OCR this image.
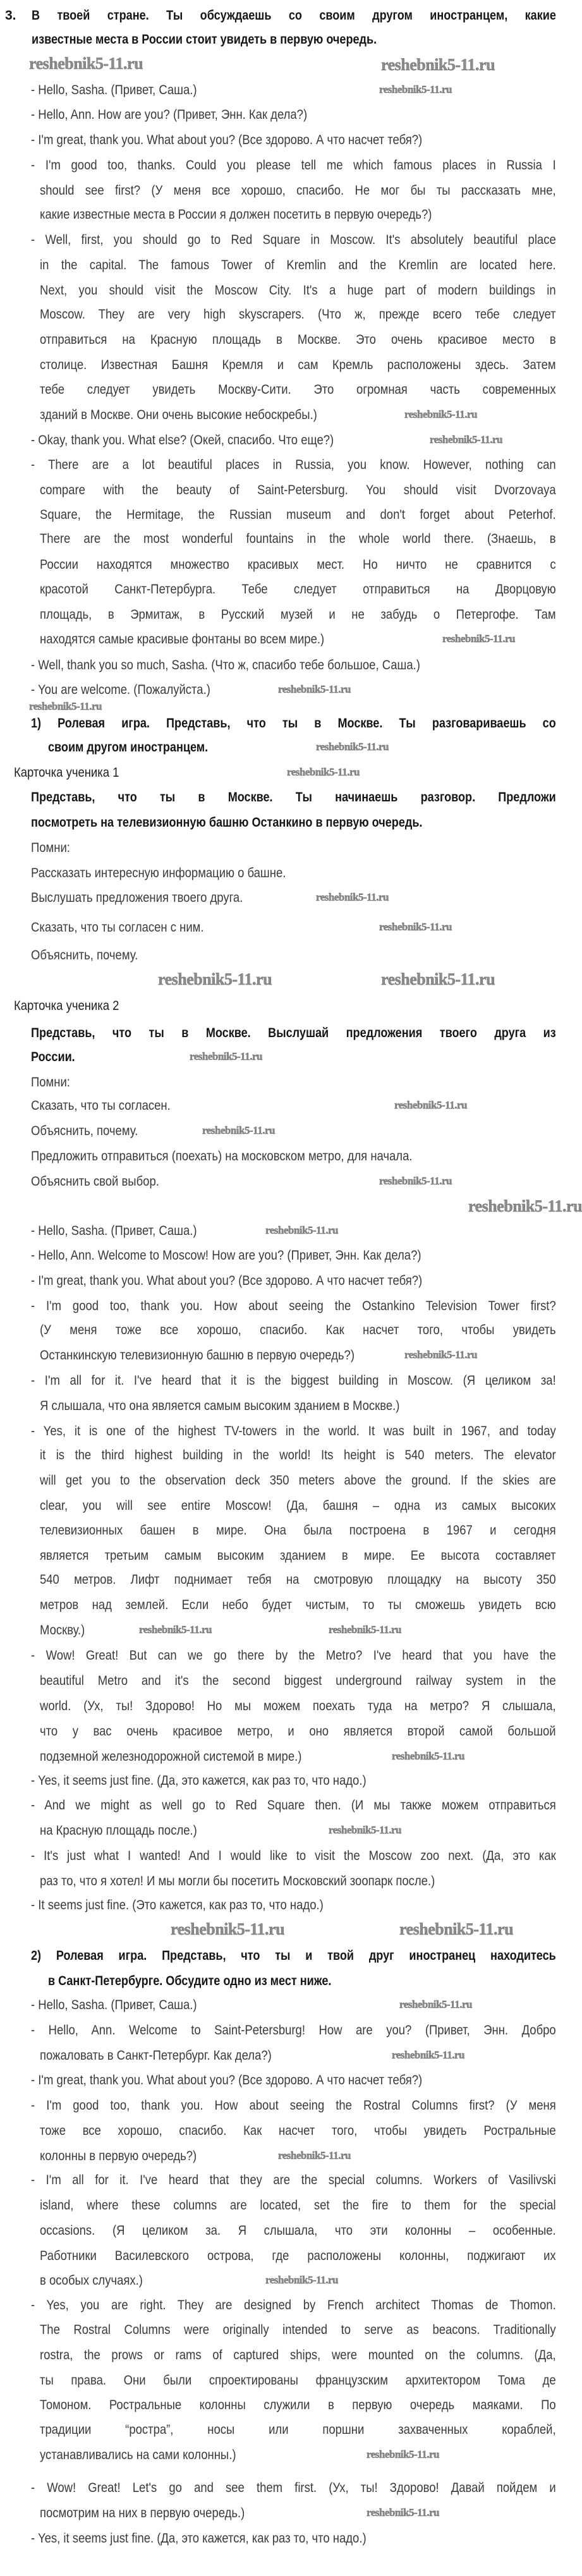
3. В твоей стране. Ты обсуждаешь со своим другом иностранцем, какие
известные места в России стоит увидеть в первую очередь.
- Hello, Sasha. (Привет, Саша.)
- Hello, Ann. How are you? (Привет, Энн. Как дела?)
- I'm great, thank you. What about you? (Все здорово. А что насчет тебя?)
- I'm good too, thanks. Could you please tell me which famous places in Russia I
should see first? (У меня все хорошо, спасибо. Не мог бы ты рассказать мне,
какие известные места в России я должен посетить в первую очередь?)
- Well, first, you should go to Red Square in Moscow. It's absolutely beautiful place
in the capital. The famous Tower of Kremlin and the Kremlin are located here.
Next, you should visit the Moscow City. It's a huge part of modern buildings in
Moscow. They are very high skyscrapers. (Что ж, прежде всего тебе следует
отправиться на Красную площадь в Москве. Это очень красивое место в
столице. Известная Башня Кремля и сам Кремль расположены здесь. Затем
тебе следует увидеть Москву-Сити. Это огромная часть современных
зданий в Москве. Они очень высокие небоскребы.)
- Okay, thank you. What else? (Окей, спасибо. Что еще?)
- There are a lot beautiful places in Russia, you know. However, nothing can
compare with the beauty of Saint-Petersburg. You should visit Dvorzovaya
Square, the Hermitage, the Russian museum and don't forget about Peterhof.
There are the most wonderful fountains in the whole world there. (Знаешь, в
России находятся множество красивых мест. Но ничто не сравнится с
красотой Санкт-Петербурга. Тебе следует отправиться на Дворцовую
площадь, в Эрмитаж, в Русский музей и не забудь о Петергофе. Там
находятся самые красивые фонтаны во всем мире.)
- Well, thank you so much, Sasha. (Что ж, спасибо тебе большое, Саша.)
- You are welcome. (Пожалуйста.)
1) Ролевая игра. Представь, что ты в Москве. Ты разговариваешь со
своим другом иностранцем.
Карточка ученика 1
Представь, что ты в Москве. Ты начинаешь разговор. Предложи
посмотреть на телевизионную башню Останкино в первую очередь.
Помни:
Рассказать интересную информацию о башне.
Выслушать предложения твоего друга.
Сказать, что ты согласен с ним.
Объяснить, почему.
Карточка ученика 2
Представь, что ты в Москве. Выслушай предложения твоего друга из
России.
Помни:
Сказать, что ты согласен.
Объяснить, почему.
Предложить отправиться (поехать) на московском метро, для начала.
Объяснить свой выбор.
- Hello, Sasha. (Привет, Саша.)
- Hello, Ann. Welcome to Moscow! How are you? (Привет, Энн. Как дела?)
- I'm great, thank you. What about you? (Все здорово. А что насчет тебя?)
- I'm good too, thank you. How about seeing the Ostankino Television Tower first?
(У меня тоже все хорошо, спасибо. Как насчет того, чтобы увидеть
Останкинскую телевизионную башню в первую очередь?)
- I'm all for it. I've heard that it is the biggest building in Moscow. (Я целиком за!
Я слышала, что она является самым высоким зданием в Москве.)
- Yes, it is one of the highest TV-towers in the world. It was built in 1967, and today
it is the third highest building in the world! Its height is 540 meters. The elevator
will get you to the observation deck 350 meters above the ground. If the skies are
clear, you will see entire Moscow! (Да, башня – одна из самых высоких
телевизионных башен в мире. Она была построена в 1967 и сегодня
является третьим самым высоким зданием в мире. Ее высота составляет
540 метров. Лифт поднимает тебя на смотровую площадку на высоту 350
метров над землей. Если небо будет чистым, то ты сможешь увидеть всю
Москву.)
- Wow! Great! But can we go there by the Metro? I've heard that you have the
beautiful Metro and it's the second biggest underground railway system in the
world. (Ух, ты! Здорово! Но мы можем поехать туда на метро? Я слышала,
что у вас очень красивое метро, и оно является второй самой большой
подземной железнодорожной системой в мире.)
- Yes, it seems just fine. (Да, это кажется, как раз то, что надо.)
- And we might as well go to Red Square then. (И мы также можем отправиться
на Красную площадь после.)
- It's just what I wanted! And I would like to visit the Moscow zoo next. (Да, это как
раз то, что я хотел! И мы могли бы посетить Московский зоопарк после.)
- It seems just fine. (Это кажется, как раз то, что надо.)
2) Ролевая игра. Представь, что ты и твой друг иностранец находитесь
в Санкт-Петербурге. Обсудите одно из мест ниже.
- Hello, Sasha. (Привет, Саша.)
- Hello, Ann. Welcome to Saint-Petersburg! How are you? (Привет, Энн. Добро
пожаловать в Санкт-Петербург. Как дела?)
- I'm great, thank you. What about you? (Все здорово. А что насчет тебя?)
- I'm good too, thank you. How about seeing the Rostral Columns first? (У меня
тоже все хорошо, спасибо. Как насчет того, чтобы увидеть Ростральные
колонны в первую очередь?)
- I'm all for it. I've heard that they are the special columns. Workers of Vasilivski
island, where these columns are located, set the fire to them for the special
occasions. (Я целиком за. Я слышала, что эти колонны – особенные.
Работники Василевского острова, где расположены колонны, поджигают их
в особых случаях.)
- Yes, you are right. They are designed by French architect Thomas de Thomon.
The Rostral Columns were originally intended to serve as beacons. Traditionally
rostra, the prows or rams of captured ships, were mounted on the columns. (Да,
ты права. Они были спроектированы французским архитектором Тома де
Томоном. Ростральные колонны служили в первую очередь маяками. По
традиции “ростра”, носы или поршни захваченных кораблей,
устанавливались на сами колонны.)
- Wow! Great! Let's go and see them first. (Ух, ты! Здорово! Давай пойдем и
посмотрим на них в первую очередь.)
- Yes, it seems just fine. (Да, это кажется, как раз то, что надо.)
reshebnik5-11.ru	reshebnik5-11.ru
reshebnik5-11.ru
reshebnik5-11.ru
reshebnik5-11.ru
reshebnik5-11.ru
reshebnik5-11.ru
reshebnik5-11.ru
reshebnik5-11.ru
reshebnik5-11.ru
reshebnik5-11.ru
reshebnik5-11.ru
reshebnik5-11.ru
reshebnik5-11.ru
reshebnik5-11.ru
reshebnik5-11.ru
reshebnik5-11.ru
reshebnik5-11.ru
reshebnik5-11.ru
reshebnik5-11.ru
reshebnik5-11.ru
reshebnik5-11.ru	reshebnik5-11.ru
reshebnik5-11.ru
reshebnik5-11.ru
reshebnik5-11.ru	reshebnik5-11.ru
reshebnik5-11.ru
reshebnik5-11.ru
reshebnik5-11.ru
reshebnik5-11.ru
reshebnik5-11.ru
reshebnik5-11.ru
